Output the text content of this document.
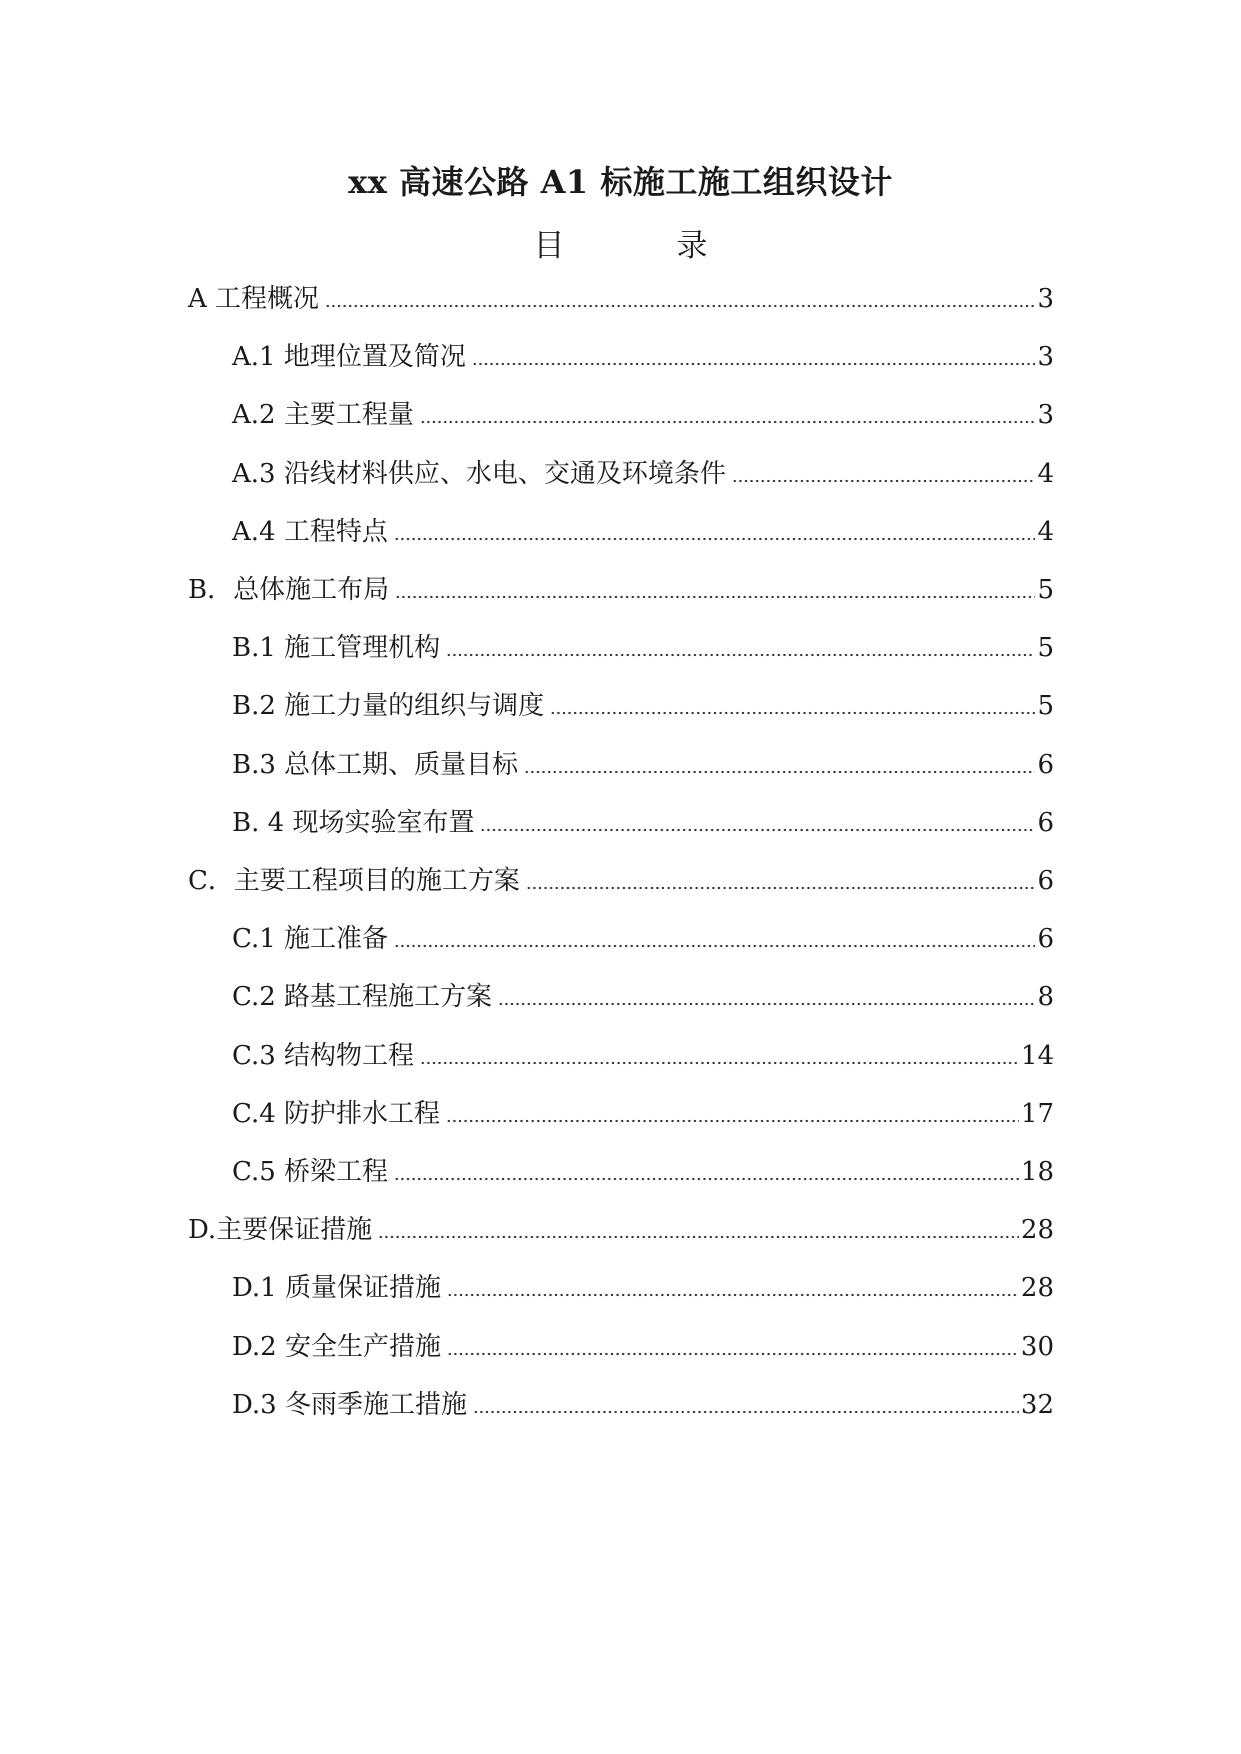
xx 高速公路 A1 标施工施工组织设计
目	录
A 工程概况	3
A.1 地理位置及简况	3
A.2 主要工程量	3
A.3 沿线材料供应、水电、交通及环境条件	4
A.4 工程特点	4
B．总体施工布局	5
B.1 施工管理机构	5
B.2 施工力量的组织与调度	5
B.3 总体工期、质量目标	6
B. 4 现场实验室布置	6
C．主要工程项目的施工方案	6
C.1 施工准备	6
C.2 路基工程施工方案	8
C.3 结构物工程	14
C.4 防护排水工程	17
C.5 桥梁工程	18
D.主要保证措施	28
D.1 质量保证措施	28
D.2 安全生产措施	30
D.3 冬雨季施工措施	32
